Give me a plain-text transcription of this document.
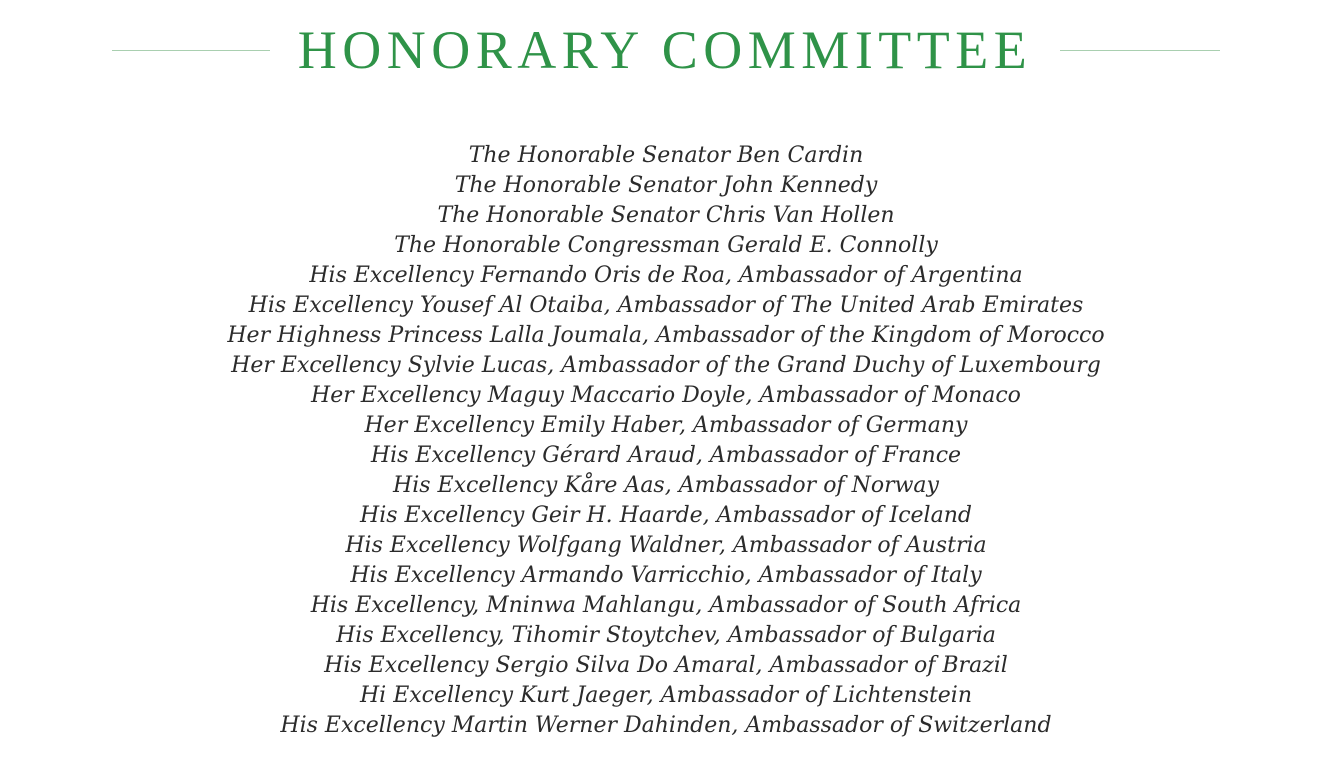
HONORARY COMMITTEE
The Honorable Senator Ben Cardin
The Honorable Senator John Kennedy
The Honorable Senator Chris Van Hollen
The Honorable Congressman Gerald E. Connolly
His Excellency Fernando Oris de Roa, Ambassador of Argentina
His Excellency Yousef Al Otaiba, Ambassador of The United Arab Emirates
Her Highness Princess Lalla Joumala, Ambassador of the Kingdom of Morocco
Her Excellency Sylvie Lucas, Ambassador of the Grand Duchy of Luxembourg
Her Excellency Maguy Maccario Doyle, Ambassador of Monaco
Her Excellency Emily Haber, Ambassador of Germany
His Excellency Gérard Araud, Ambassador of France
His Excellency Kåre Aas, Ambassador of Norway
His Excellency Geir H. Haarde, Ambassador of Iceland
His Excellency Wolfgang Waldner, Ambassador of Austria
His Excellency Armando Varricchio, Ambassador of Italy
His Excellency, Mninwa Mahlangu, Ambassador of South Africa
His Excellency, Tihomir Stoytchev, Ambassador of Bulgaria
His Excellency Sergio Silva Do Amaral, Ambassador of Brazil
Hi Excellency Kurt Jaeger, Ambassador of Lichtenstein
His Excellency Martin Werner Dahinden, Ambassador of Switzerland
